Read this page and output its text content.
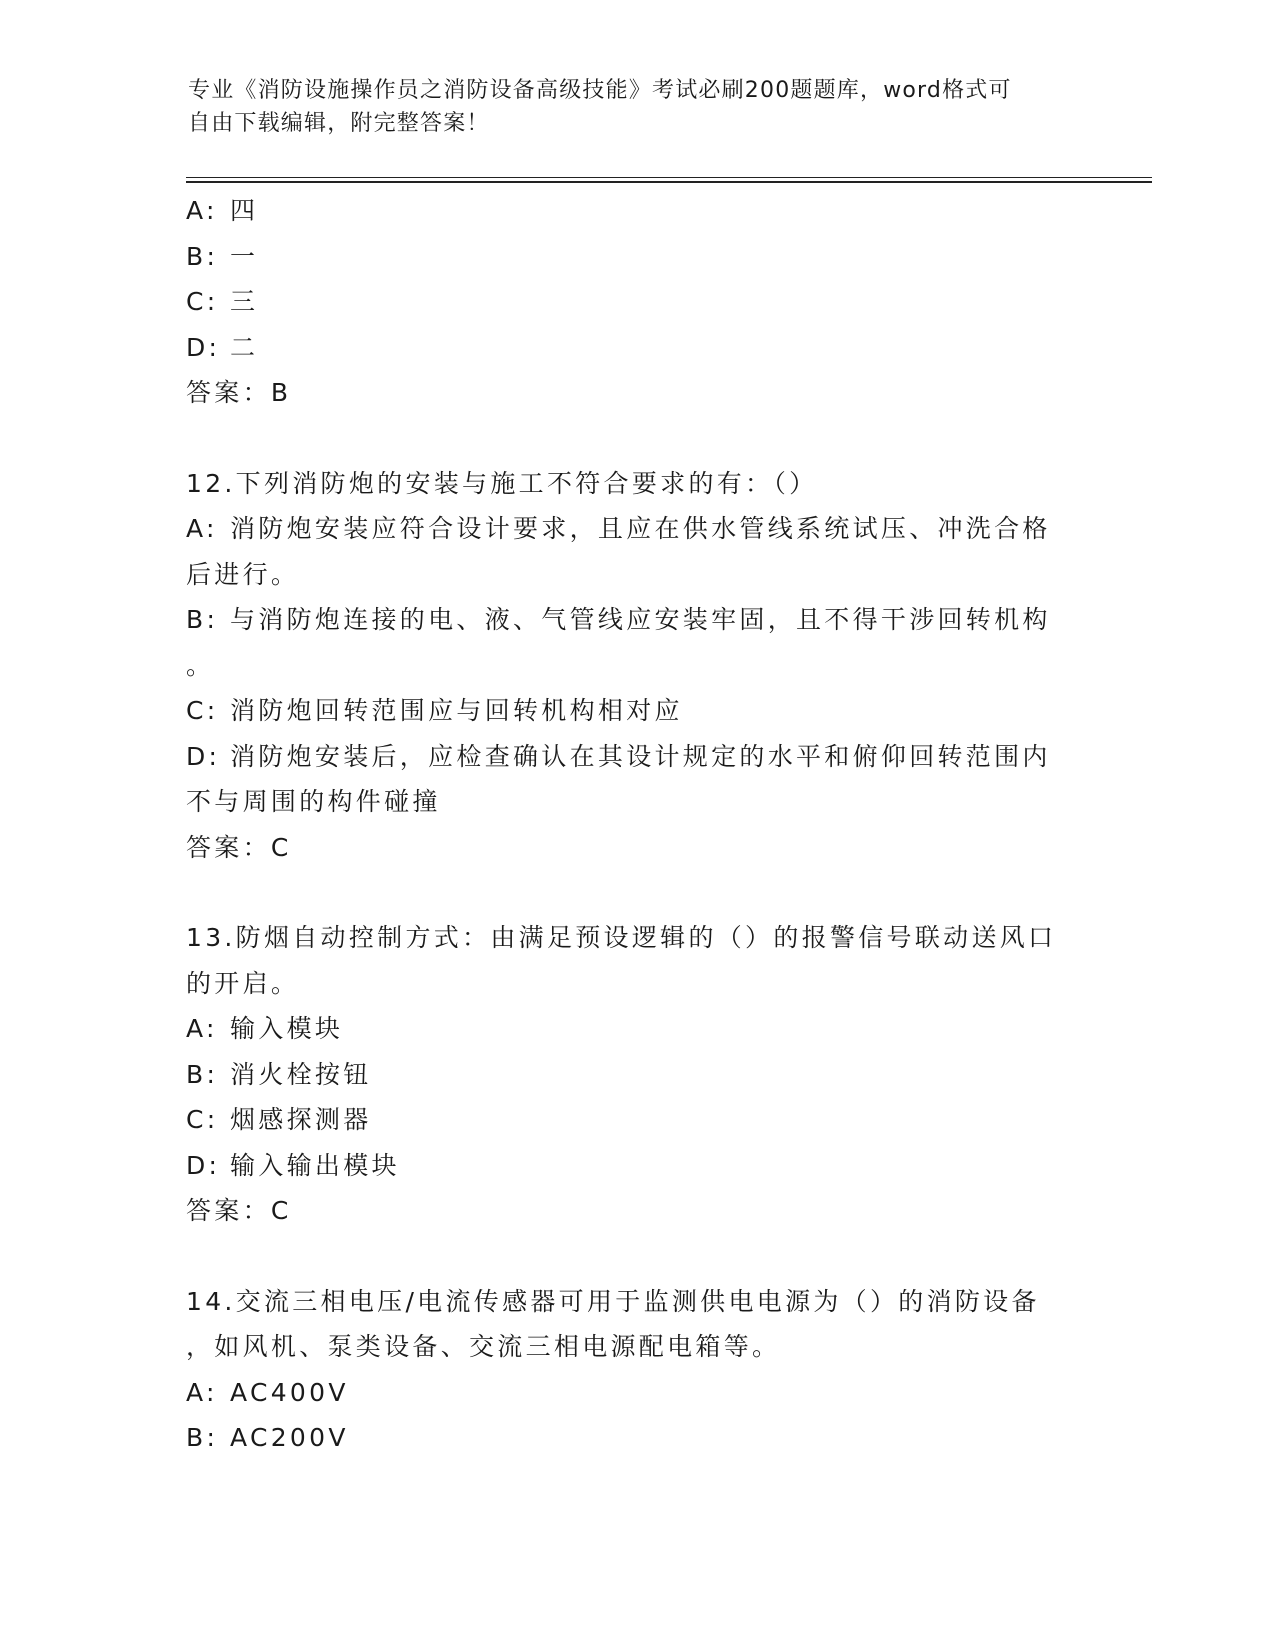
专业《消防设施操作员之消防设备高级技能》考试必刷200题题库，word格式可
自由下载编辑，附完整答案！
A: 四
B: 一
C: 三
D: 二
答案：B
12.下列消防炮的安装与施工不符合要求的有：（）
A: 消防炮安装应符合设计要求，且应在供水管线系统试压、冲洗合格
后进行。
B: 与消防炮连接的电、液、气管线应安装牢固，且不得干涉回转机构
。
C: 消防炮回转范围应与回转机构相对应
D: 消防炮安装后，应检查确认在其设计规定的水平和俯仰回转范围内
不与周围的构件碰撞
答案：C
13.防烟自动控制方式：由满足预设逻辑的（）的报警信号联动送风口
的开启。
A: 输入模块
B: 消火栓按钮
C: 烟感探测器
D: 输入输出模块
答案：C
14.交流三相电压/电流传感器可用于监测供电电源为（）的消防设备
，如风机、泵类设备、交流三相电源配电箱等。
A: AC400V
B: AC200V
